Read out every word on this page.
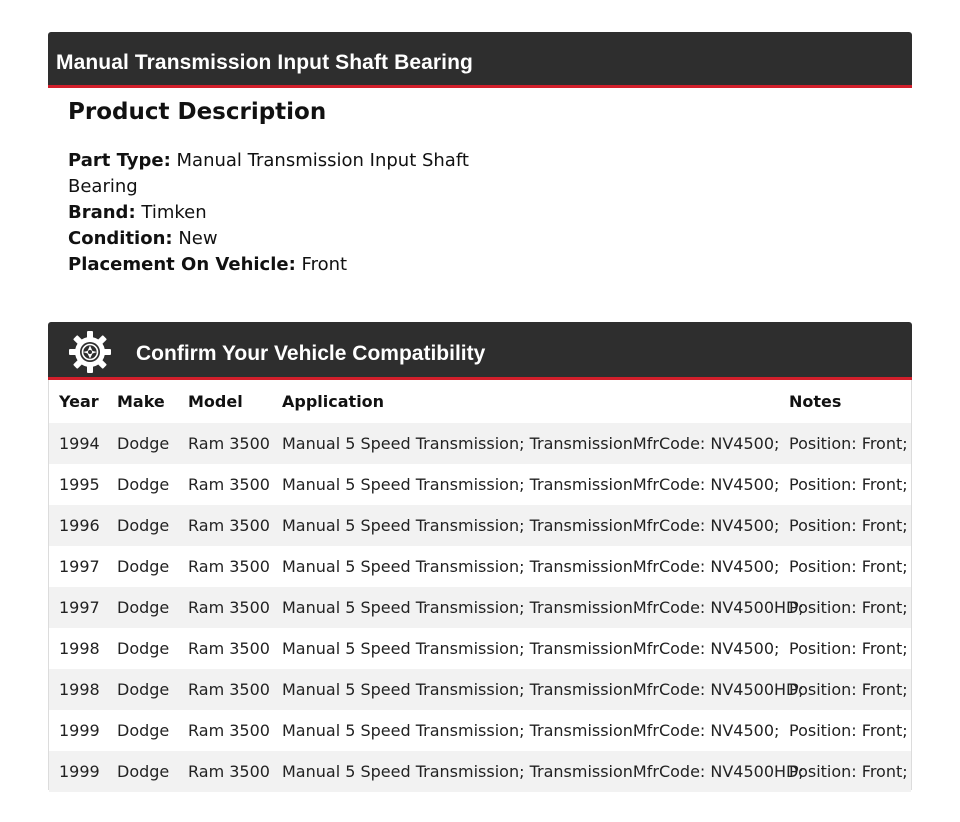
Manual Transmission Input Shaft Bearing
Product Description
Part Type: Manual Transmission Input Shaft Bearing
Brand: Timken
Condition: New
Placement On Vehicle: Front
Confirm Your Vehicle Compatibility
Year	Make	Model	Application	Notes
1994	Dodge	Ram 3500	Manual 5 Speed Transmission; TransmissionMfrCode: NV4500;	Position: Front;
1995	Dodge	Ram 3500	Manual 5 Speed Transmission; TransmissionMfrCode: NV4500;	Position: Front;
1996	Dodge	Ram 3500	Manual 5 Speed Transmission; TransmissionMfrCode: NV4500;	Position: Front;
1997	Dodge	Ram 3500	Manual 5 Speed Transmission; TransmissionMfrCode: NV4500;	Position: Front;
1997	Dodge	Ram 3500	Manual 5 Speed Transmission; TransmissionMfrCode: NV4500HD;	Position: Front;
1998	Dodge	Ram 3500	Manual 5 Speed Transmission; TransmissionMfrCode: NV4500;	Position: Front;
1998	Dodge	Ram 3500	Manual 5 Speed Transmission; TransmissionMfrCode: NV4500HD;	Position: Front;
1999	Dodge	Ram 3500	Manual 5 Speed Transmission; TransmissionMfrCode: NV4500;	Position: Front;
1999	Dodge	Ram 3500	Manual 5 Speed Transmission; TransmissionMfrCode: NV4500HD;	Position: Front;
